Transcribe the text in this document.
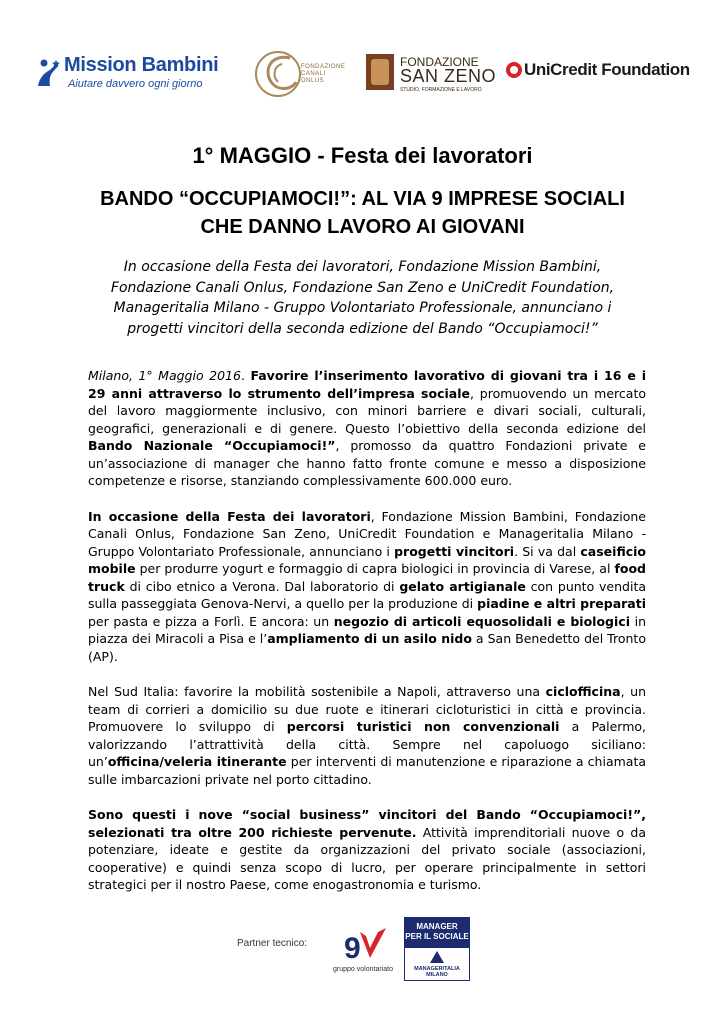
Mission Bambini
Aiutare davvero ogni giorno
FONDAZIONE
CANALI
ONLUS
FONDAZIONE
SAN ZENO
STUDIO, FORMAZIONE E LAVORO
UniCredit Foundation
1° MAGGIO - Festa dei lavoratori
BANDO “OCCUPIAMOCI!”: AL VIA 9 IMPRESE SOCIALI CHE DANNO LAVORO AI GIOVANI
In occasione della Festa dei lavoratori, Fondazione Mission Bambini, Fondazione Canali Onlus, Fondazione San Zeno e UniCredit Foundation, Manageritalia Milano - Gruppo Volontariato Professionale, annunciano i progetti vincitori della seconda edizione del Bando “Occupiamoci!”

Milano, 1° Maggio 2016. Favorire l’inserimento lavorativo di giovani tra i 16 e i 29 anni attraverso lo strumento dell’impresa sociale, promuovendo un mercato del lavoro maggiormente inclusivo, con minori barriere e divari sociali, culturali, geografici, generazionali e di genere. Questo l’obiettivo della seconda edizione del Bando Nazionale “Occupiamoci!”, promosso da quattro Fondazioni private e un’associazione di manager che hanno fatto fronte comune e messo a disposizione competenze e risorse, stanziando complessivamente 600.000 euro.

In occasione della Festa dei lavoratori, Fondazione Mission Bambini, Fondazione Canali Onlus, Fondazione San Zeno, UniCredit Foundation e Manageritalia Milano - Gruppo Volontariato Professionale, annunciano i progetti vincitori. Si va dal caseificio mobile per produrre yogurt e formaggio di capra biologici in provincia di Varese, al food truck di cibo etnico a Verona. Dal laboratorio di gelato artigianale con punto vendita sulla passeggiata Genova-Nervi, a quello per la produzione di piadine e altri preparati per pasta e pizza a Forlì. E ancora: un negozio di articoli equosolidali e biologici in piazza dei Miracoli a Pisa e l’ampliamento di un asilo nido a San Benedetto del Tronto (AP).

Nel Sud Italia: favorire la mobilità sostenibile a Napoli, attraverso una ciclofficina, un team di corrieri a domicilio su due ruote e itinerari cicloturistici in città e provincia. Promuovere lo sviluppo di percorsi turistici non convenzionali a Palermo, valorizzando l’attrattività della città. Sempre nel capoluogo siciliano: un’officina/veleria itinerante per interventi di manutenzione e riparazione a chiamata sulle imbarcazioni private nel porto cittadino.

Sono questi i nove “social business” vincitori del Bando “Occupiamoci!”, selezionati tra oltre 200 richieste pervenute. Attività imprenditoriali nuove o da potenziare, ideate e gestite da organizzazioni del privato sociale (associazioni, cooperative) e quindi senza scopo di lucro, per operare principalmente in settori strategici per il nostro Paese, come enogastronomia e turismo.

Partner tecnico: 9
gruppo volontariato
MANAGER
PER IL SOCIALE
MANAGERITALIA
MILANO
